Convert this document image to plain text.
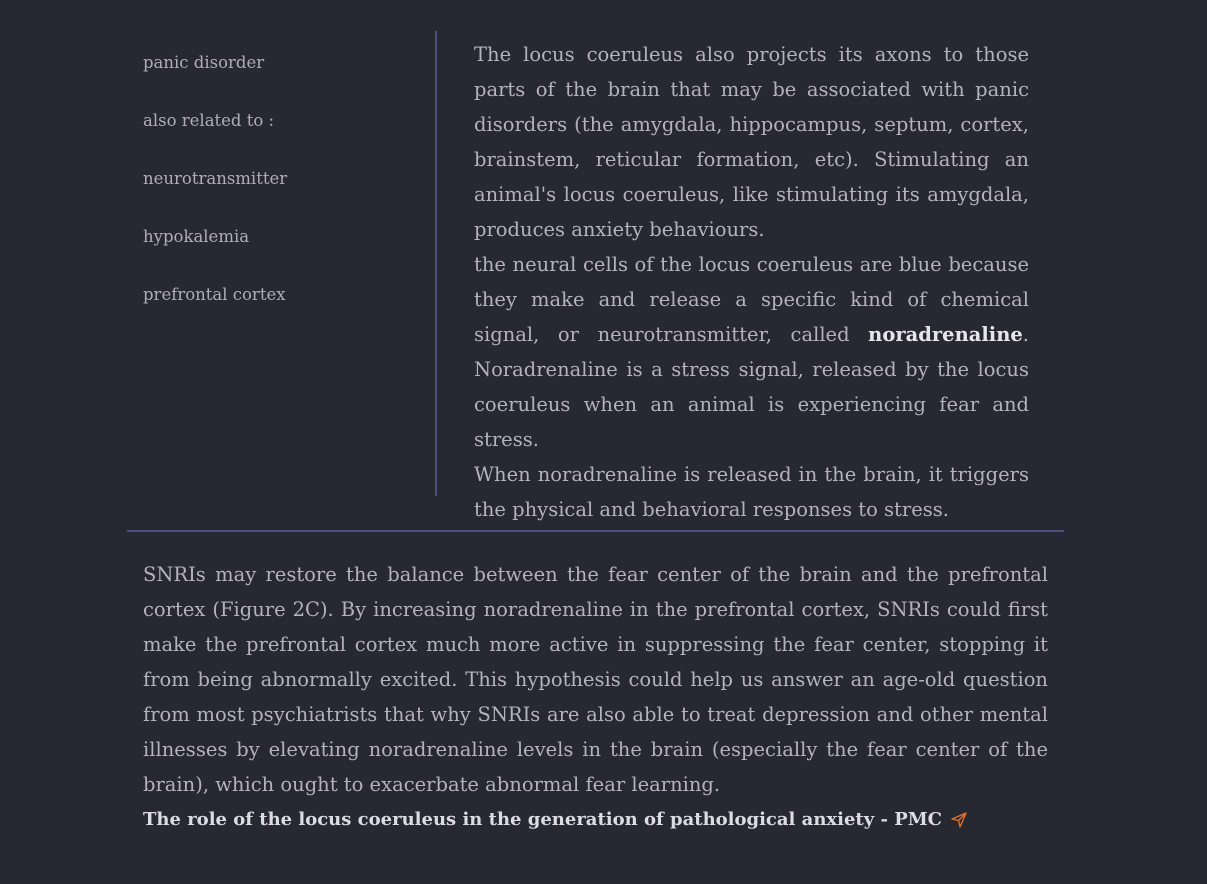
panic disorder
also related to :
neurotransmitter
hypokalemia
prefrontal cortex

The locus coeruleus also projects its axons to those parts of the brain that may be associated with panic disorders (the amygdala, hippocampus, septum, cortex, brainstem, reticular formation, etc). Stimulating an animal's locus coeruleus, like stimulating its amygdala, produces anxiety behaviours.

the neural cells of the locus coeruleus are blue because they make and release a specific kind of chemical signal, or neurotransmitter, called noradrenaline. Noradrenaline is a stress signal, released by the locus coeruleus when an animal is experiencing fear and stress.

When noradrenaline is released in the brain, it triggers the physical and behavioral responses to stress.

SNRIs may restore the balance between the fear center of the brain and the prefrontal cortex (Figure 2C). By increasing noradrenaline in the prefrontal cortex, SNRIs could first make the prefrontal cortex much more active in suppressing the fear center, stopping it from being abnormally excited. This hypothesis could help us answer an age-old question from most psychiatrists that why SNRIs are also able to treat depression and other mental illnesses by elevating noradrenaline levels in the brain (especially the fear center of the brain), which ought to exacerbate abnormal fear learning.

The role of the locus coeruleus in the generation of pathological anxiety - PMC
